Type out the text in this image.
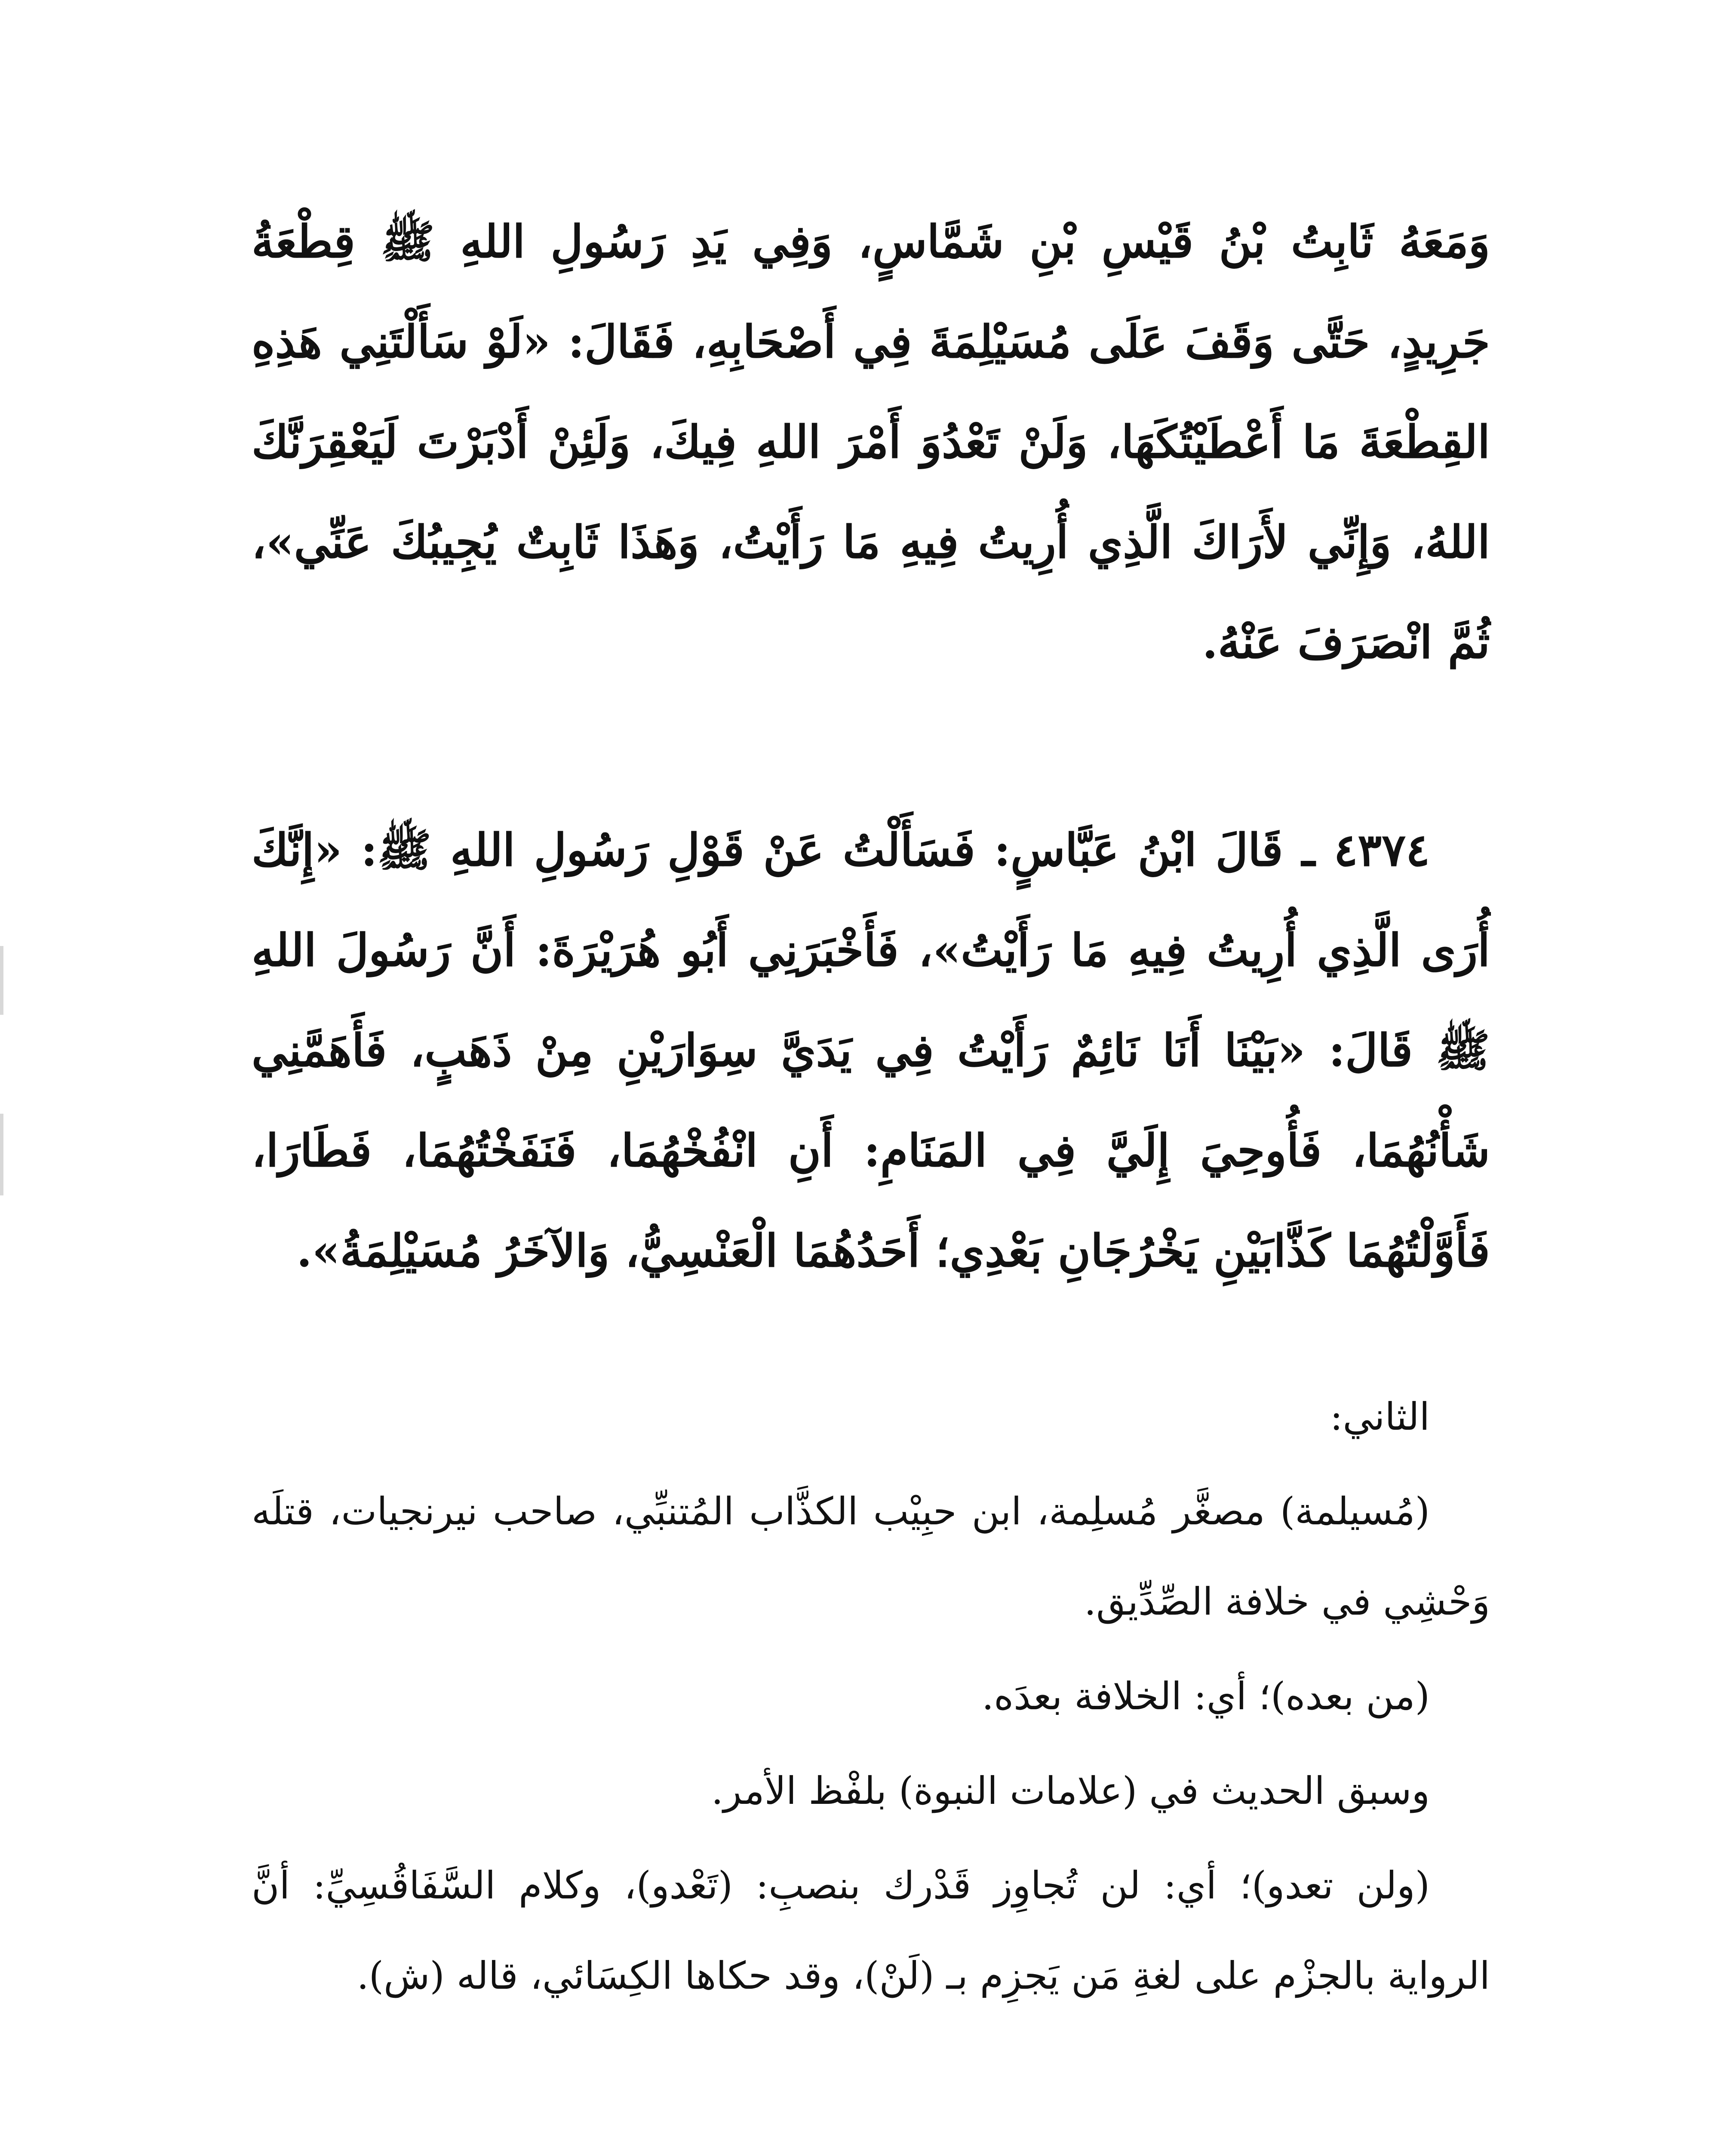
وَمَعَهُ ثَابِتُ بْنُ قَيْسِ بْنِ شَمَّاسٍ، وَفِي يَدِ رَسُولِ اللهِ ﷺ قِطْعَةُ جَرِيدٍ، حَتَّى وَقَفَ عَلَى مُسَيْلِمَةَ فِي أَصْحَابِهِ، فَقَالَ: «لَوْ سَأَلْتَنِي هَذِهِ القِطْعَةَ مَا أَعْطَيْتُكَهَا، وَلَنْ تَعْدُوَ أَمْرَ اللهِ فِيكَ، وَلَئِنْ أَدْبَرْتَ لَيَعْقِرَنَّكَ اللهُ، وَإِنِّي لأَرَاكَ الَّذِي أُرِيتُ فِيهِ مَا رَأَيْتُ، وَهَذَا ثَابِتٌ يُجِيبُكَ عَنِّي»، ثُمَّ انْصَرَفَ عَنْهُ.

٤٣٧٤ ـ قَالَ ابْنُ عَبَّاسٍ: فَسَأَلْتُ عَنْ قَوْلِ رَسُولِ اللهِ ﷺ: «إِنَّكَ أُرَى الَّذِي أُرِيتُ فِيهِ مَا رَأَيْتُ»، فَأَخْبَرَنِي أَبُو هُرَيْرَةَ: أَنَّ رَسُولَ اللهِ ﷺ قَالَ: «بَيْنَا أَنَا نَائِمٌ رَأَيْتُ فِي يَدَيَّ سِوَارَيْنِ مِنْ ذَهَبٍ، فَأَهَمَّنِي شَأْنُهُمَا، فَأُوحِيَ إِلَيَّ فِي المَنَامِ: أَنِ انْفُخْهُمَا، فَنَفَخْتُهُمَا، فَطَارَا، فَأَوَّلْتُهُمَا كَذَّابَيْنِ يَخْرُجَانِ بَعْدِي؛ أَحَدُهُمَا الْعَنْسِيُّ، وَالآخَرُ مُسَيْلِمَةُ».

الثاني:

(مُسيلمة) مصغَّر مُسلِمة، ابن حبِيْب الكذَّاب المُتنبِّي، صاحب نيرنجيات، قتلَه وَحْشِي في خلافة الصِّدِّيق.

(من بعده)؛ أي: الخلافة بعدَه.

وسبق الحديث في (علامات النبوة) بلفْظ الأمر.

(ولن تعدو)؛ أي: لن تُجاوِز قَدْرك بنصبِ: (تَعْدو)، وكلام السَّفَاقُسِيِّ: أنَّ الرواية بالجزْم على لغةِ مَن يَجزِم بـ (لَنْ)، وقد حكاها الكِسَائي، قاله (ش).
